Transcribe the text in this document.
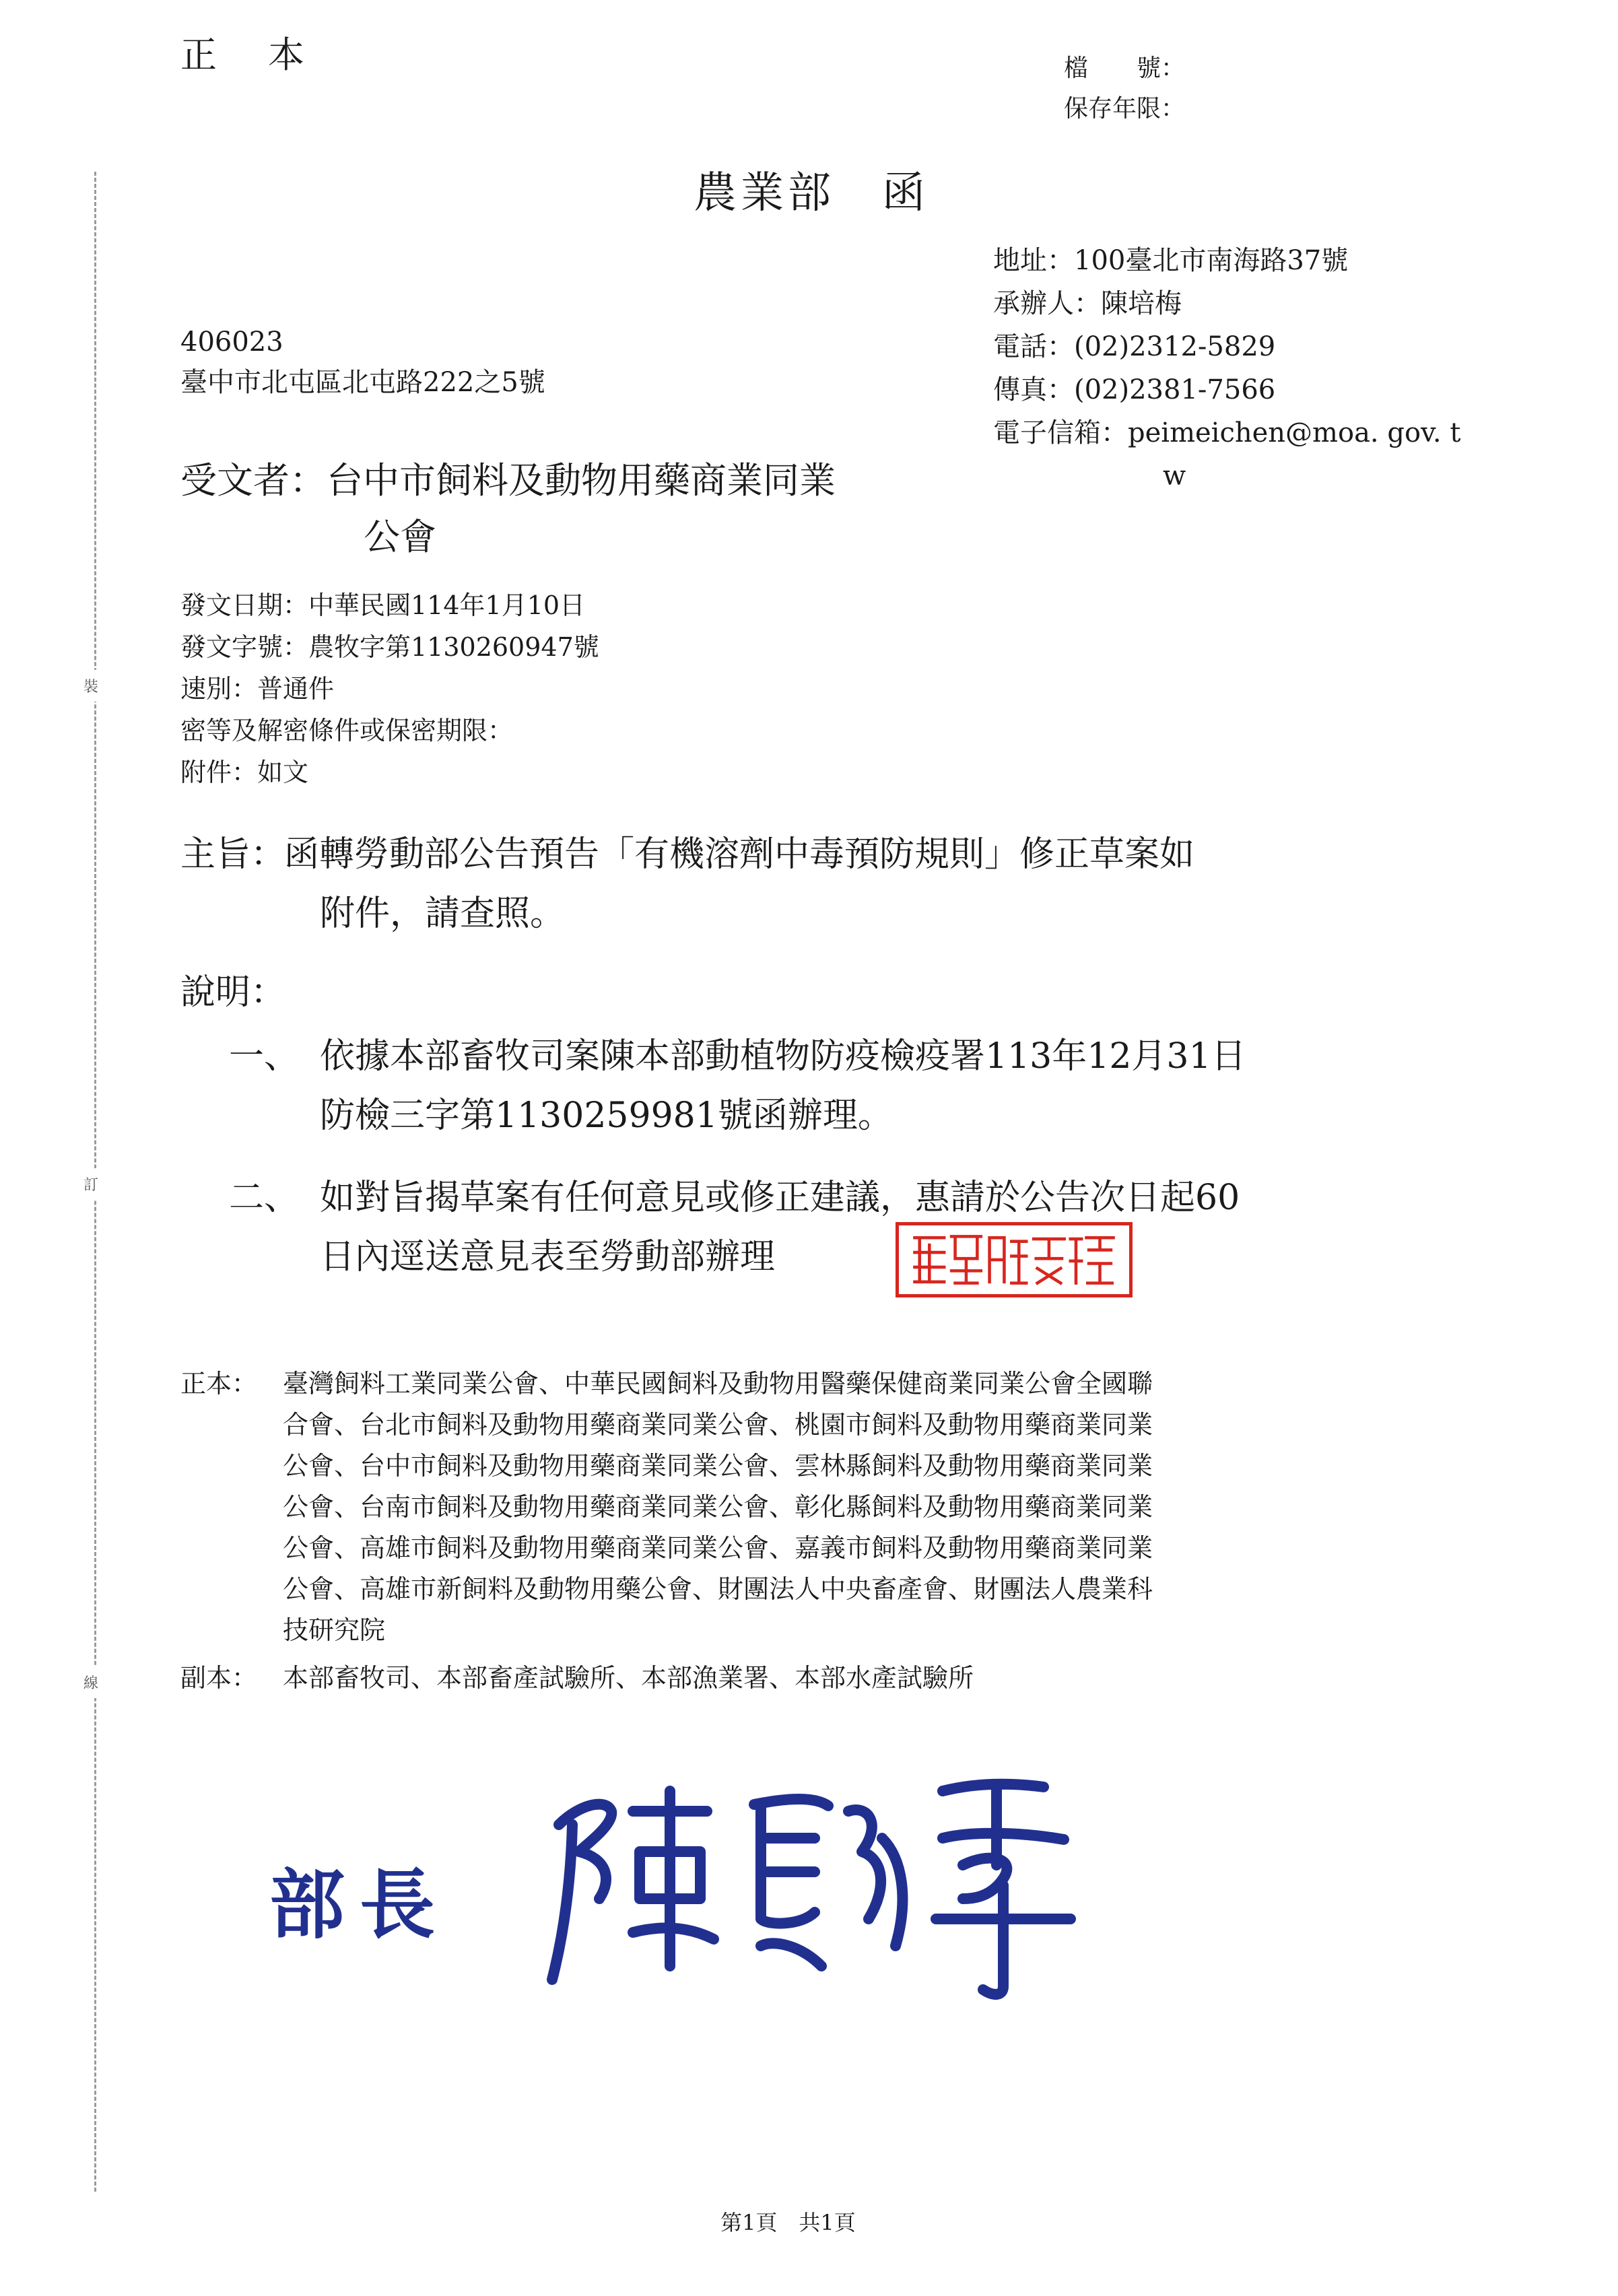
裝
訂
線
正本	檔　　號：
保存年限：
農業部　函
地址：100臺北市南海路37號
承辦人：陳培梅
電話：(02)2312-5829
傳真：(02)2381-7566
電子信箱：peimeichen@moa. gov. t
w
406023
臺中市北屯區北屯路222之5號
受文者： 台中市飼料及動物用藥商業同業
公會
發文日期：中華民國114年1月10日
發文字號：農牧字第1130260947號
速別：普通件
密等及解密條件或保密期限：
附件：如文
主旨：
函轉勞動部公告預告「有機溶劑中毒預防規則」修正草案如
附件，請查照。
說明：
一、 依據本部畜牧司案陳本部動植物防疫檢疫署113年12月31日
防檢三字第1130259981號函辦理。
二、 如對旨揭草案有任何意見或修正建議，惠請於公告次日起60
日內逕送意見表至勞動部辦理
正本： 臺灣飼料工業同業公會、中華民國飼料及動物用醫藥保健商業同業公會全國聯
合會、台北市飼料及動物用藥商業同業公會、桃園市飼料及動物用藥商業同業
公會、台中市飼料及動物用藥商業同業公會、雲林縣飼料及動物用藥商業同業
公會、台南市飼料及動物用藥商業同業公會、彰化縣飼料及動物用藥商業同業
公會、高雄市飼料及動物用藥商業同業公會、嘉義市飼料及動物用藥商業同業
公會、高雄市新飼料及動物用藥公會、財團法人中央畜產會、財團法人農業科
技研究院
副本： 本部畜牧司、本部畜產試驗所、本部漁業署、本部水產試驗所
部長
第1頁　共1頁
